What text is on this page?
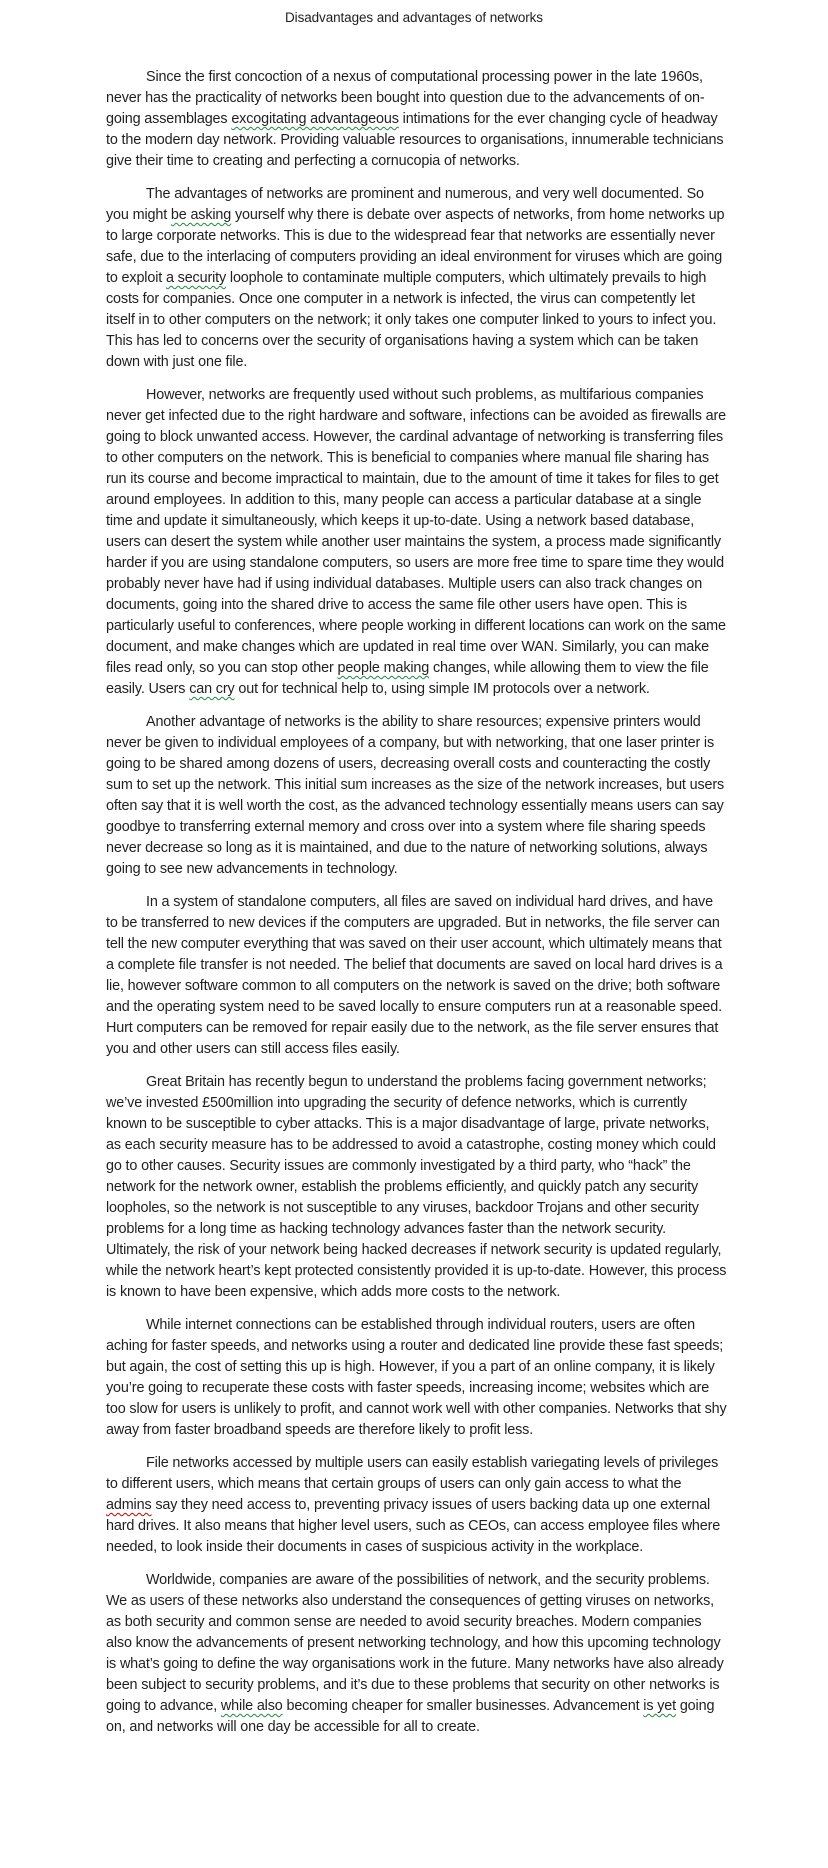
Disadvantages and advantages of networks

Since the first concoction of a nexus of computational processing power in the late 1960s, never has the practicality of networks been bought into question due to the advancements of on-going assemblages excogitating advantageous intimations for the ever changing cycle of headway to the modern day network. Providing valuable resources to organisations, innumerable technicians give their time to creating and perfecting a cornucopia of networks.

The advantages of networks are prominent and numerous, and very well documented. So you might be asking yourself why there is debate over aspects of networks, from home networks up to large corporate networks. This is due to the widespread fear that networks are essentially never safe, due to the interlacing of computers providing an ideal environment for viruses which are going to exploit a security loophole to contaminate multiple computers, which ultimately prevails to high costs for companies. Once one computer in a network is infected, the virus can competently let itself in to other computers on the network; it only takes one computer linked to yours to infect you. This has led to concerns over the security of organisations having a system which can be taken down with just one file.

However, networks are frequently used without such problems, as multifarious companies never get infected due to the right hardware and software, infections can be avoided as firewalls are going to block unwanted access. However, the cardinal advantage of networking is transferring files to other computers on the network. This is beneficial to companies where manual file sharing has run its course and become impractical to maintain, due to the amount of time it takes for files to get around employees. In addition to this, many people can access a particular database at a single time and update it simultaneously, which keeps it up-to-date. Using a network based database, users can desert the system while another user maintains the system, a process made significantly harder if you are using standalone computers, so users are more free time to spare time they would probably never have had if using individual databases. Multiple users can also track changes on documents, going into the shared drive to access the same file other users have open. This is particularly useful to conferences, where people working in different locations can work on the same document, and make changes which are updated in real time over WAN. Similarly, you can make files read only, so you can stop other people making changes, while allowing them to view the file easily. Users can cry out for technical help to, using simple IM protocols over a network.

Another advantage of networks is the ability to share resources; expensive printers would never be given to individual employees of a company, but with networking, that one laser printer is going to be shared among dozens of users, decreasing overall costs and counteracting the costly sum to set up the network. This initial sum increases as the size of the network increases, but users often say that it is well worth the cost, as the advanced technology essentially means users can say goodbye to transferring external memory and cross over into a system where file sharing speeds never decrease so long as it is maintained, and due to the nature of networking solutions, always going to see new advancements in technology.

In a system of standalone computers, all files are saved on individual hard drives, and have to be transferred to new devices if the computers are upgraded. But in networks, the file server can tell the new computer everything that was saved on their user account, which ultimately means that a complete file transfer is not needed. The belief that documents are saved on local hard drives is a lie, however software common to all computers on the network is saved on the drive; both software and the operating system need to be saved locally to ensure computers run at a reasonable speed. Hurt computers can be removed for repair easily due to the network, as the file server ensures that you and other users can still access files easily.

Great Britain has recently begun to understand the problems facing government networks; we’ve invested £500million into upgrading the security of defence networks, which is currently known to be susceptible to cyber attacks. This is a major disadvantage of large, private networks, as each security measure has to be addressed to avoid a catastrophe, costing money which could go to other causes. Security issues are commonly investigated by a third party, who “hack” the network for the network owner, establish the problems efficiently, and quickly patch any security loopholes, so the network is not susceptible to any viruses, backdoor Trojans and other security problems for a long time as hacking technology advances faster than the network security. Ultimately, the risk of your network being hacked decreases if network security is updated regularly, while the network heart’s kept protected consistently provided it is up-to-date. However, this process is known to have been expensive, which adds more costs to the network.

While internet connections can be established through individual routers, users are often aching for faster speeds, and networks using a router and dedicated line provide these fast speeds; but again, the cost of setting this up is high. However, if you a part of an online company, it is likely you’re going to recuperate these costs with faster speeds, increasing income; websites which are too slow for users is unlikely to profit, and cannot work well with other companies. Networks that shy away from faster broadband speeds are therefore likely to profit less.

File networks accessed by multiple users can easily establish variegating levels of privileges to different users, which means that certain groups of users can only gain access to what the admins say they need access to, preventing privacy issues of users backing data up one external hard drives. It also means that higher level users, such as CEOs, can access employee files where needed, to look inside their documents in cases of suspicious activity in the workplace.

Worldwide, companies are aware of the possibilities of network, and the security problems. We as users of these networks also understand the consequences of getting viruses on networks, as both security and common sense are needed to avoid security breaches. Modern companies also know the advancements of present networking technology, and how this upcoming technology is what’s going to define the way organisations work in the future. Many networks have also already been subject to security problems, and it’s due to these problems that security on other networks is going to advance, while also becoming cheaper for smaller businesses. Advancement is yet going on, and networks will one day be accessible for all to create.
